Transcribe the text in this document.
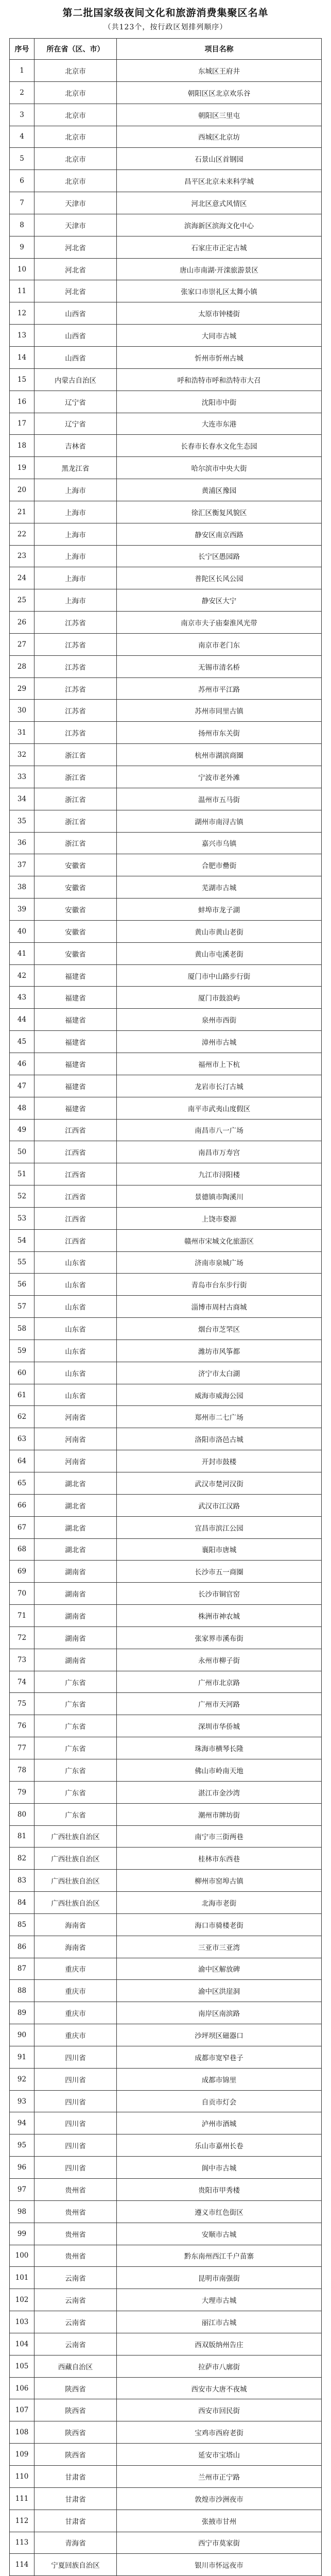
第二批国家级夜间文化和旅游消费集聚区名单
（共123个，按行政区划排列顺序）
序号	所在省（区、市）	项目名称
1	北京市	东城区王府井
2	北京市	朝阳区区北京欢乐谷
3	北京市	朝阳区三里屯
4	北京市	西城区北京坊
5	北京市	石景山区首钢园
6	北京市	昌平区北京未来科学城
7	天津市	河北区意式风情区
8	天津市	滨海新区滨海文化中心
9	河北省	石家庄市正定古城
10	河北省	唐山市南湖·开滦旅游景区
11	河北省	张家口市崇礼区太舞小镇
12	山西省	太原市钟楼街
13	山西省	大同市古城
14	山西省	忻州市忻州古城
15	内蒙古自治区	呼和浩特市呼和浩特市大召
16	辽宁省	沈阳市中街
17	辽宁省	大连市东港
18	吉林省	长春市长春水文化生态园
19	黑龙江省	哈尔滨市中央大街
20	上海市	黄浦区豫园
21	上海市	徐汇区衡复风貌区
22	上海市	静安区南京西路
23	上海市	长宁区愚园路
24	上海市	普陀区长风公园
25	上海市	静安区大宁
26	江苏省	南京市夫子庙秦淮风光带
27	江苏省	南京市老门东
28	江苏省	无锡市清名桥
29	江苏省	苏州市平江路
30	江苏省	苏州市同里古镇
31	江苏省	扬州市东关街
32	浙江省	杭州市湖滨商圈
33	浙江省	宁波市老外滩
34	浙江省	温州市五马街
35	浙江省	湖州市南浔古镇
36	浙江省	嘉兴市乌镇
37	安徽省	合肥市罍街
38	安徽省	芜湖市古城
39	安徽省	蚌埠市龙子湖
40	安徽省	黄山市黄山老街
41	安徽省	黄山市屯溪老街
42	福建省	厦门市中山路步行街
43	福建省	厦门市鼓浪屿
44	福建省	泉州市西街
45	福建省	漳州市古城
46	福建省	福州市上下杭
47	福建省	龙岩市长汀古城
48	福建省	南平市武夷山度假区
49	江西省	南昌市八一广场
50	江西省	南昌市万寿宫
51	江西省	九江市浔阳楼
52	江西省	景德镇市陶溪川
53	江西省	上饶市婺源
54	江西省	赣州市宋城文化旅游区
55	山东省	济南市泉城广场
56	山东省	青岛市台东步行街
57	山东省	淄博市周村古商城
58	山东省	烟台市芝罘区
59	山东省	潍坊市风筝都
60	山东省	济宁市太白湖
61	山东省	威海市威海公园
62	河南省	郑州市二七广场
63	河南省	洛阳市洛邑古城
64	河南省	开封市鼓楼
65	湖北省	武汉市楚河汉街
66	湖北省	武汉市江汉路
67	湖北省	宜昌市滨江公园
68	湖北省	襄阳市唐城
69	湖南省	长沙市五一商圈
70	湖南省	长沙市铜官窑
71	湖南省	株洲市神农城
72	湖南省	张家界市溪布街
73	湖南省	永州市柳子街
74	广东省	广州市北京路
75	广东省	广州市天河路
76	广东省	深圳市华侨城
77	广东省	珠海市横琴长隆
78	广东省	佛山市岭南天地
79	广东省	湛江市金沙湾
80	广东省	潮州市牌坊街
81	广西壮族自治区	南宁市三街两巷
82	广西壮族自治区	桂林市东西巷
83	广西壮族自治区	柳州市窑埠古镇
84	广西壮族自治区	北海市老街
85	海南省	海口市骑楼老街
86	海南省	三亚市三亚湾
87	重庆市	渝中区解放碑
88	重庆市	渝中区洪崖洞
89	重庆市	南岸区南滨路
90	重庆市	沙坪坝区磁器口
91	四川省	成都市宽窄巷子
92	四川省	成都市锦里
93	四川省	自贡市灯会
94	四川省	泸州市酒城
95	四川省	乐山市嘉州长卷
96	四川省	阆中市古城
97	贵州省	贵阳市甲秀楼
98	贵州省	遵义市红色街区
99	贵州省	安顺市古城
100	贵州省	黔东南州西江千户苗寨
101	云南省	昆明市南强街
102	云南省	大理市古城
103	云南省	丽江市古城
104	云南省	西双版纳州告庄
105	西藏自治区	拉萨市八廓街
106	陕西省	西安市大唐不夜城
107	陕西省	西安市回民街
108	陕西省	宝鸡市西府老街
109	陕西省	延安市宝塔山
110	甘肃省	兰州市正宁路
111	甘肃省	敦煌市沙洲夜市
112	甘肃省	张掖市甘州
113	青海省	西宁市莫家街
114	宁夏回族自治区	银川市怀远夜市
